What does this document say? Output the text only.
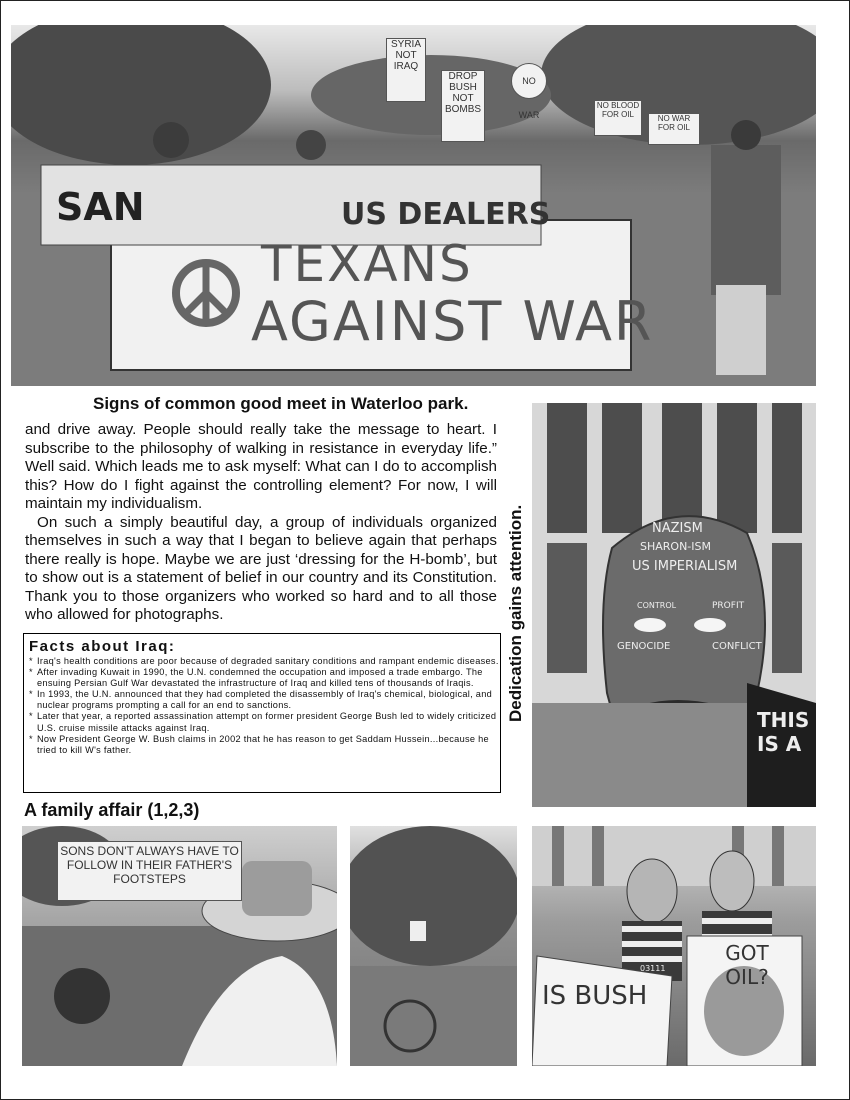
TEXANS
AGAINST WAR
SAN	US DEALERS
SYRIA NOT IRAQ
DROP BUSH NOT BOMBS
NO WAR
NO BLOOD FOR OIL	NO WAR FOR OIL
Signs of common good meet in Waterloo park.

and drive away. People should really take the message to heart. I subscribe to the philosophy of walking in resistance in everyday life.” Well said. Which leads me to ask myself: What can I do to accomplish this? How do I fight against the controlling element? For now, I will maintain my individualism.

On such a simply beautiful day, a group of individuals organized themselves in such a way that I began to believe again that perhaps there really is hope. Maybe we are just ‘dressing for the H-bomb’, but to show out is a statement of belief in our country and its Constitution. Thank you to those organizers who worked so hard and to all those who allowed for photographs.

Facts about Iraq:
* Iraq's health conditions are poor because of degraded sanitary conditions and rampant endemic diseases.
* After invading Kuwait in 1990, the U.N. condemned the occupation and imposed a trade embargo. The ensuing Persian Gulf War devastated the infrastructure of Iraq and killed tens of thousands of Iraqis.
* In 1993, the U.N. announced that they had completed the disassembly of Iraq's chemical, biological, and nuclear programs prompting a call for an end to sanctions.
* Later that year, a reported assassination attempt on former president George Bush led to widely criticized U.S. cruise missile attacks against Iraq.
* Now President George W. Bush claims in 2002 that he has reason to get Saddam Hussein...because he tried to kill W's father.
Dedication gains attention.	NAZISM
SHARON-ISM
US IMPERIALISM
CONTROL	PROFIT
GENOCIDE	CONFLICT
THIS IS A
A family affair (1,2,3)
SONS DON'T ALWAYS HAVE TO FOLLOW IN THEIR FATHER'S FOOTSTEPS
IS BUSH
GOT OIL?
03111
